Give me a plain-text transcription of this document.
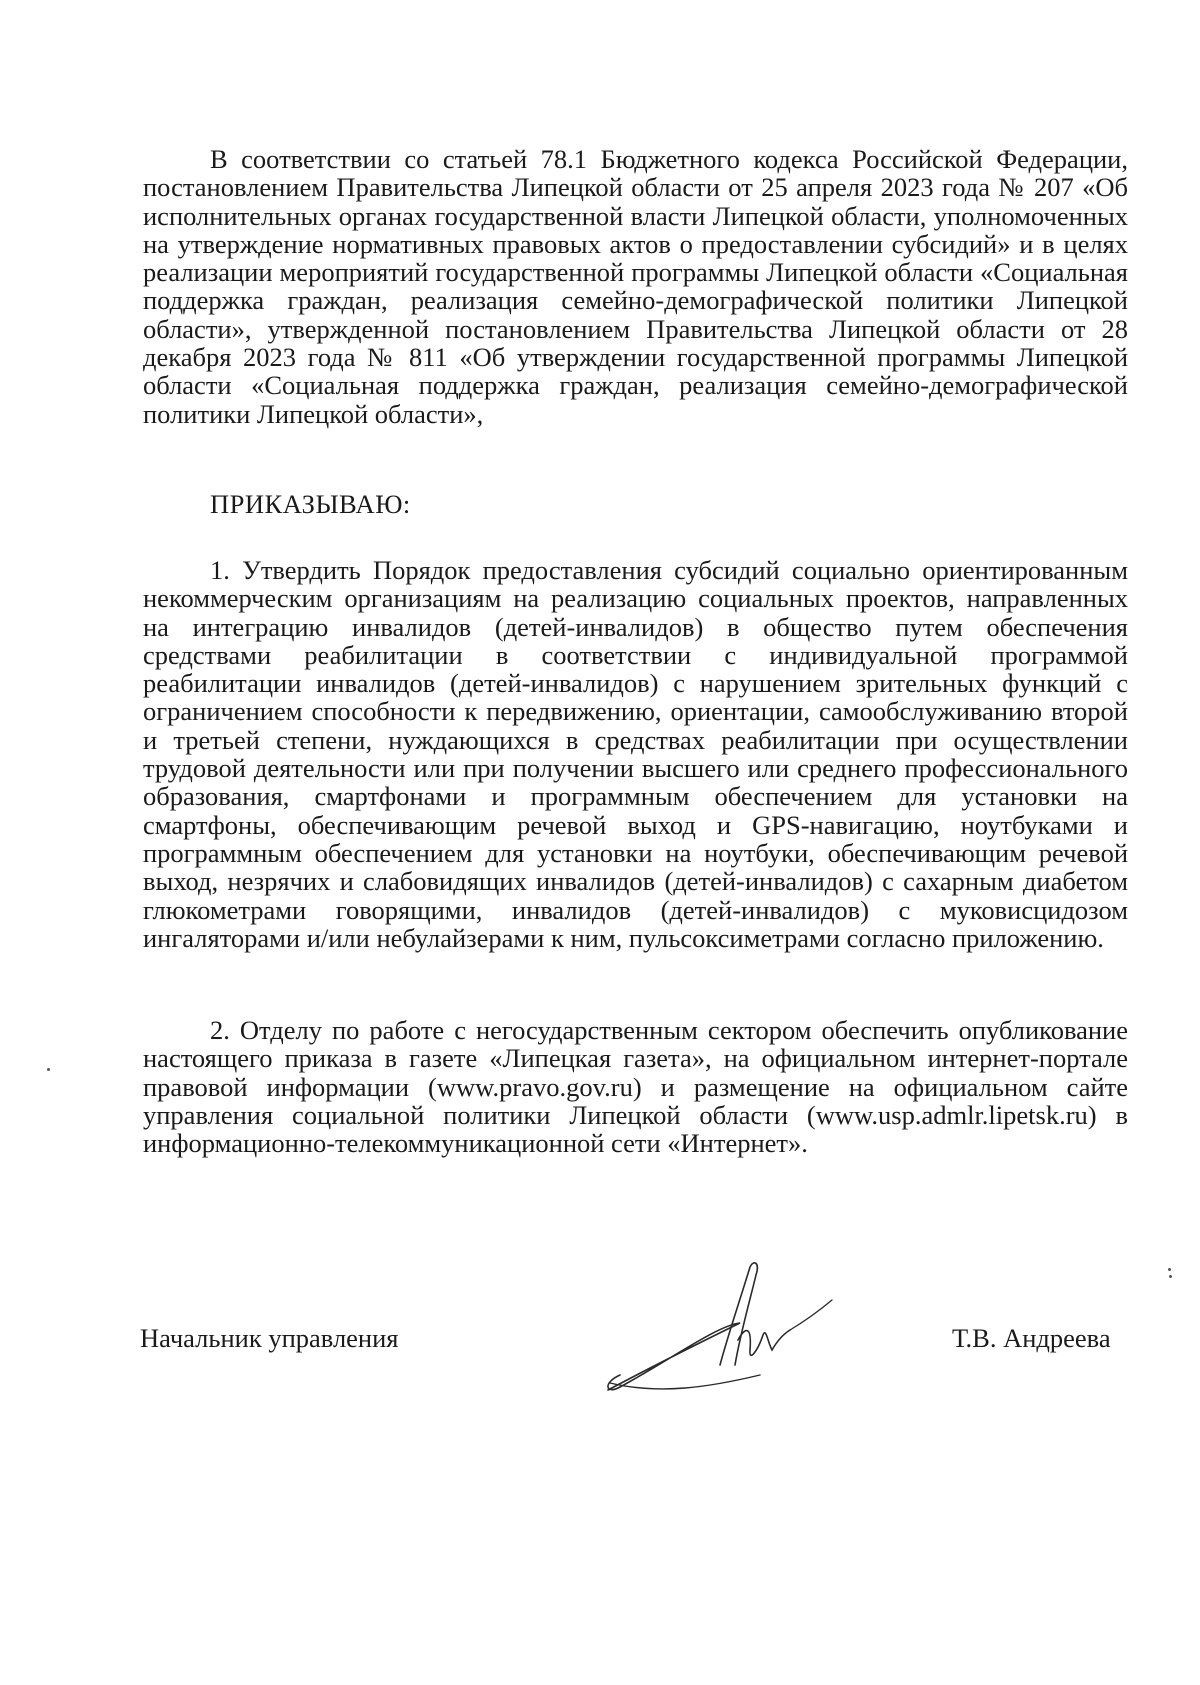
В соответствии со статьей 78.1 Бюджетного кодекса Российской Федерации, постановлением Правительства Липецкой области от 25 апреля 2023 года № 207 «Об исполнительных органах государственной власти Липецкой области, уполномоченных на утверждение нормативных правовых актов о предоставлении субсидий» и в целях реализации мероприятий государственной программы Липецкой области «Социальная поддержка граждан, реализация семейно-демографической политики Липецкой области», утвержденной постановлением Правительства Липецкой области от 28 декабря 2023 года № 811 «Об утверждении государственной программы Липецкой области «Социальная поддержка граждан, реализация семейно-демографической политики Липецкой области»,

ПРИКАЗЫВАЮ:

1. Утвердить Порядок предоставления субсидий социально ориентированным некоммерческим организациям на реализацию социальных проектов, направленных на интеграцию инвалидов (детей-инвалидов) в общество путем обеспечения средствами реабилитации в соответствии с индивидуальной программой реабилитации инвалидов (детей-инвалидов) с нарушением зрительных функций с ограничением способности к передвижению, ориентации, самообслуживанию второй и третьей степени, нуждающихся в средствах реабилитации при осуществлении трудовой деятельности или при получении высшего или среднего профессионального образования, смартфонами и программным обеспечением для установки на смартфоны, обеспечивающим речевой выход и GPS-навигацию, ноутбуками и программным обеспечением для установки на ноутбуки, обеспечивающим речевой выход, незрячих и слабовидящих инвалидов (детей-инвалидов) с сахарным диабетом глюкометрами говорящими, инвалидов (детей-инвалидов) с муковисцидозом ингаляторами и/или небулайзерами к ним, пульсоксиметрами согласно приложению.

2. Отделу по работе с негосударственным сектором обеспечить опубликование настоящего приказа в газете «Липецкая газета», на официальном интернет-портале правовой информации (www.pravo.gov.ru) и размещение на официальном сайте управления социальной политики Липецкой области (www.usp.admlr.lipetsk.ru) в информационно-телекоммуникационной сети «Интернет».

Начальник управления	Т.В. Андреева
